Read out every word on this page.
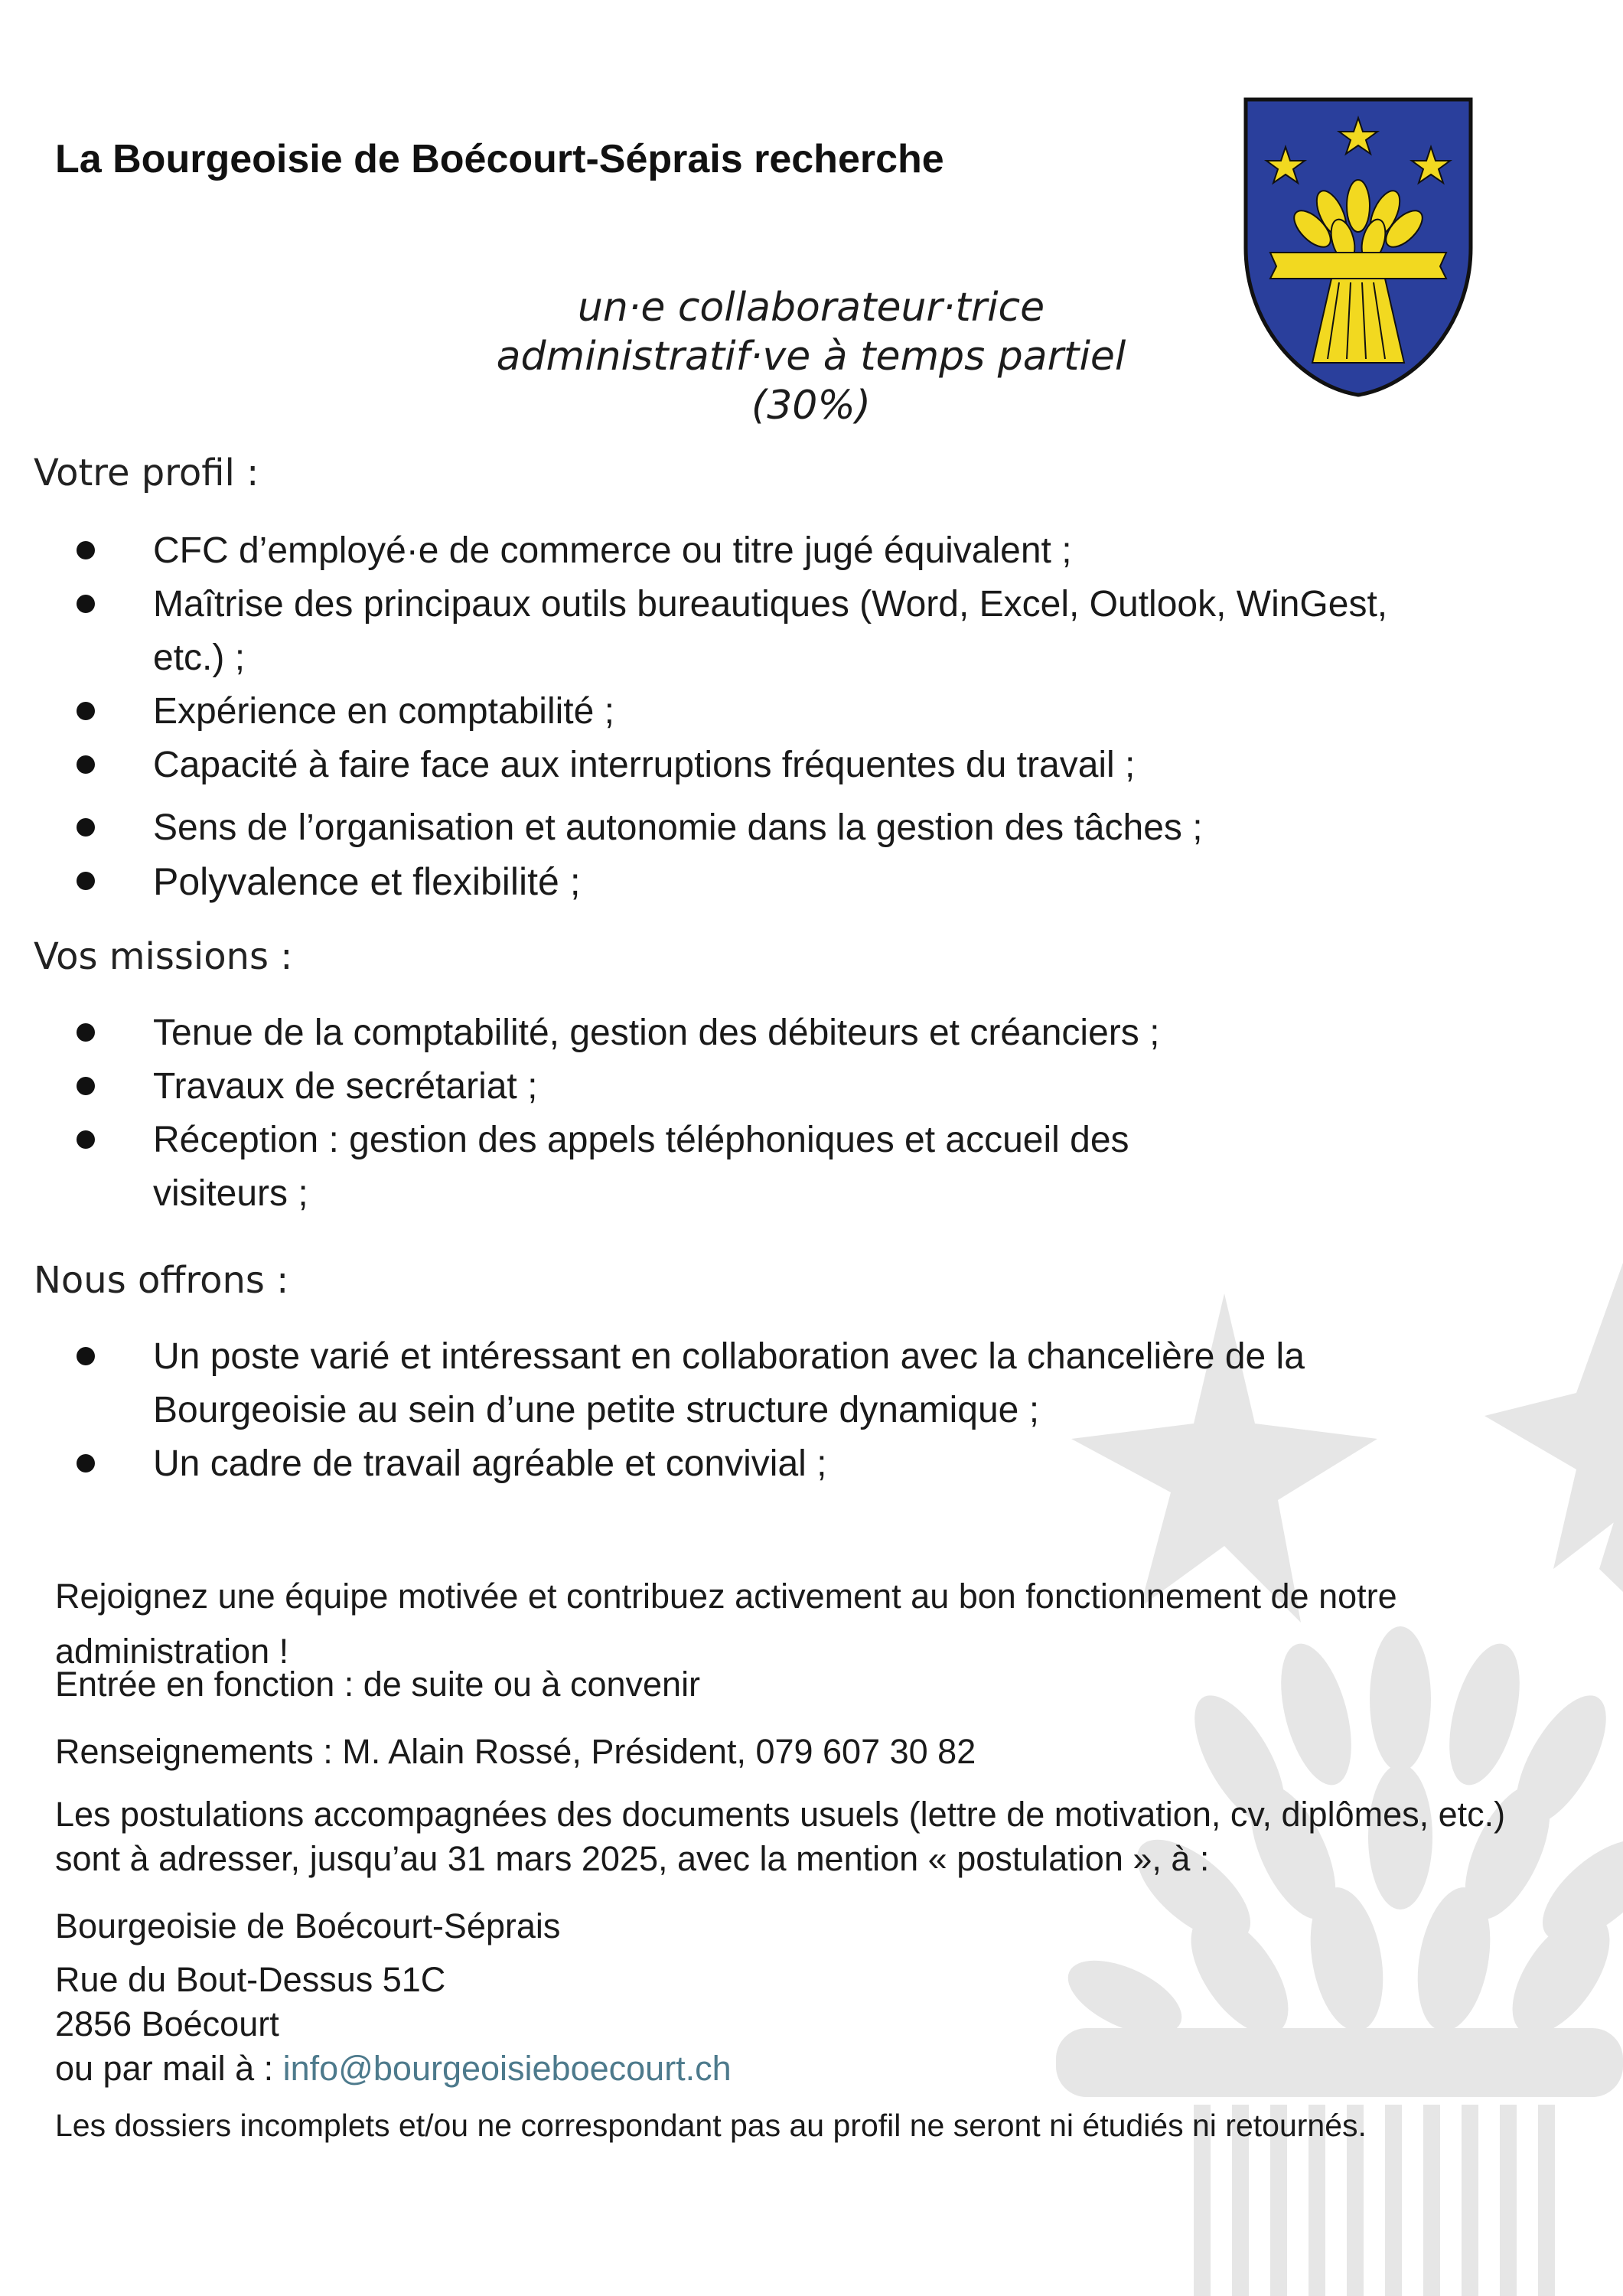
La Bourgeoisie de Boécourt-Séprais recherche
un·e collaborateur·trice
administratif·ve à temps partiel
(30%)
Votre profil :
CFC d’employé·e de commerce ou titre jugé équivalent ;
Maîtrise des principaux outils bureautiques (Word, Excel, Outlook, WinGest, etc.) ;
Expérience en comptabilité ;
Capacité à faire face aux interruptions fréquentes du travail ;
Sens de l’organisation et autonomie dans la gestion des tâches ;
Polyvalence et flexibilité ;
Vos missions :
Tenue de la comptabilité, gestion des débiteurs et créanciers ;
Travaux de secrétariat ;
Réception : gestion des appels téléphoniques et accueil des visiteurs ;
Nous offrons :
Un poste varié et intéressant en collaboration avec la chancelière de la Bourgeoisie au sein d’une petite structure dynamique ;
Un cadre de travail agréable et convivial ;
Rejoignez une équipe motivée et contribuez activement au bon fonctionnement de notre administration !
Entrée en fonction : de suite ou à convenir
Renseignements : M. Alain Rossé, Président, 079 607 30 82
Les postulations accompagnées des documents usuels (lettre de motivation, cv, diplômes, etc.) sont à adresser, jusqu’au 31 mars 2025, avec la mention « postulation », à :
Bourgeoisie de Boécourt-Séprais
Rue du Bout-Dessus 51C
2856 Boécourt
ou par mail à : info@bourgeoisieboecourt.ch
Les dossiers incomplets et/ou ne correspondant pas au profil ne seront ni étudiés ni retournés.
